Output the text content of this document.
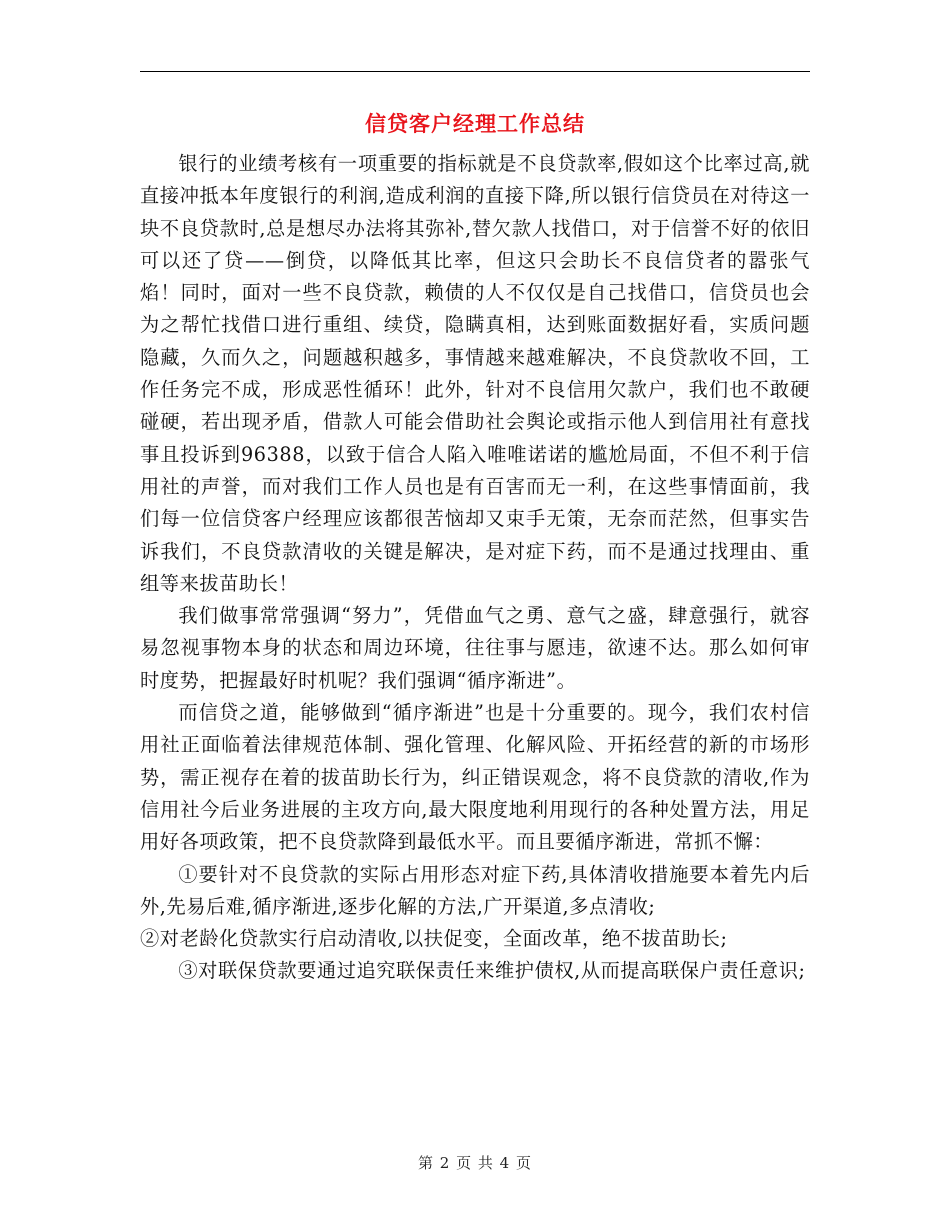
信贷客户经理工作总结

银行的业绩考核有一项重要的指标就是不良贷款率,假如这个比率过高,就直接冲抵本年度银行的利润,造成利润的直接下降,所以银行信贷员在对待这一块不良贷款时,总是想尽办法将其弥补,替欠款人找借口，对于信誉不好的依旧可以还了贷——倒贷，以降低其比率，但这只会助长不良信贷者的嚣张气焰！同时，面对一些不良贷款，赖债的人不仅仅是自己找借口，信贷员也会为之帮忙找借口进行重组、续贷，隐瞒真相，达到账面数据好看，实质问题隐藏，久而久之，问题越积越多，事情越来越难解决，不良贷款收不回，工作任务完不成，形成恶性循环！此外，针对不良信用欠款户，我们也不敢硬碰硬，若出现矛盾，借款人可能会借助社会舆论或指示他人到信用社有意找事且投诉到96388，以致于信合人陷入唯唯诺诺的尴尬局面，不但不利于信用社的声誉，而对我们工作人员也是有百害而无一利，在这些事情面前，我们每一位信贷客户经理应该都很苦恼却又束手无策，无奈而茫然，但事实告诉我们，不良贷款清收的关键是解决，是对症下药，而不是通过找理由、重组等来拔苗助长！

我们做事常常强调“努力”，凭借血气之勇、意气之盛，肆意强行，就容易忽视事物本身的状态和周边环境，往往事与愿违，欲速不达。那么如何审时度势，把握最好时机呢？我们强调“循序渐进”。

而信贷之道，能够做到“循序渐进”也是十分重要的。现今，我们农村信用社正面临着法律规范体制、强化管理、化解风险、开拓经营的新的市场形势，需正视存在着的拔苗助长行为，纠正错误观念，将不良贷款的清收,作为信用社今后业务进展的主攻方向,最大限度地利用现行的各种处置方法，用足用好各项政策，把不良贷款降到最低水平。而且要循序渐进，常抓不懈：

①要针对不良贷款的实际占用形态对症下药,具体清收措施要本着先内后外,先易后难,循序渐进,逐步化解的方法,广开渠道,多点清收;

②对老龄化贷款实行启动清收,以扶促变，全面改革，绝不拔苗助长;

③对联保贷款要通过追究联保责任来维护债权,从而提高联保户责任意识;

第 2 页 共 4 页
